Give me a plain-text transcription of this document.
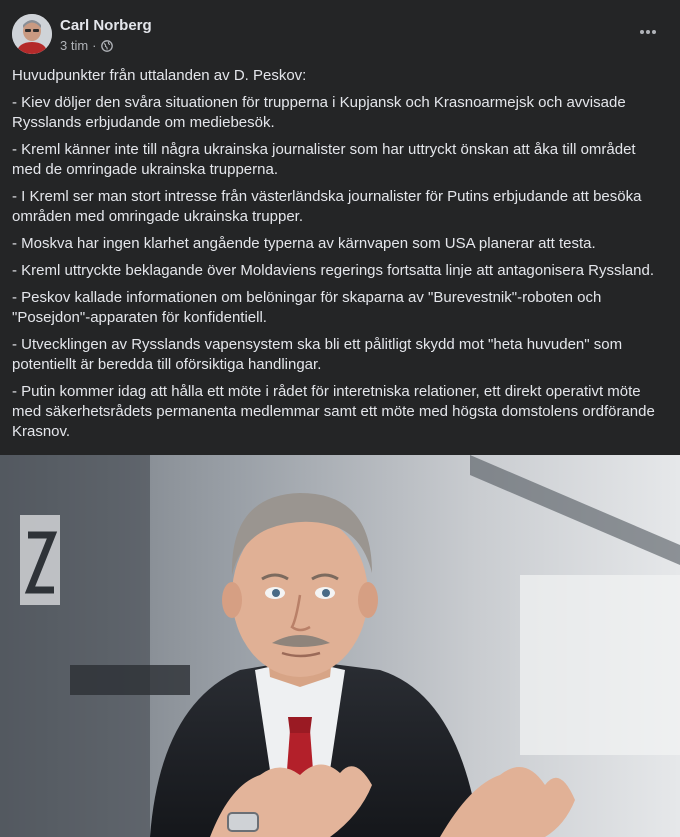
Carl Norberg
3 tim ·

Huvudpunkter från uttalanden av D. Peskov:

- Kiev döljer den svåra situationen för trupperna i Kupjansk och Krasnoarmejsk och avvisade Rysslands erbjudande om mediebesök.

- Kreml känner inte till några ukrainska journalister som har uttryckt önskan att åka till området med de omringade ukrainska trupperna.

- I Kreml ser man stort intresse från västerländska journalister för Putins erbjudande att besöka områden med omringade ukrainska trupper.

- Moskva har ingen klarhet angående typerna av kärnvapen som USA planerar att testa.

- Kreml uttryckte beklagande över Moldaviens regerings fortsatta linje att antagonisera Ryssland.

- Peskov kallade informationen om belöningar för skaparna av "Burevestnik"-roboten och "Posejdon"-apparaten för konfidentiell.

- Utvecklingen av Rysslands vapensystem ska bli ett pålitligt skydd mot "heta huvuden" som potentiellt är beredda till oförsiktiga handlingar.

- Putin kommer idag att hålla ett möte i rådet för interetniska relationer, ett direkt operativt möte med säkerhetsrådets permanenta medlemmar samt ett möte med högsta domstolens ordförande Krasnov.
